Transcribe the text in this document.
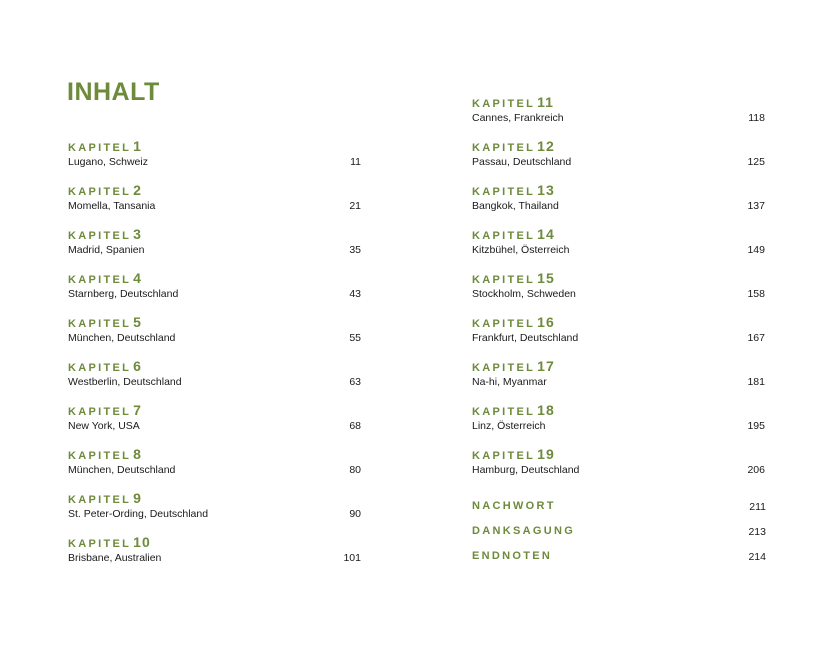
INHALT
KAPITEL 1
Lugano, Schweiz	11
KAPITEL 2
Momella, Tansania	21
KAPITEL 3
Madrid, Spanien	35
KAPITEL 4
Starnberg, Deutschland	43
KAPITEL 5
München, Deutschland	55
KAPITEL 6
Westberlin, Deutschland	63
KAPITEL 7
New York, USA	68
KAPITEL 8
München, Deutschland	80
KAPITEL 9
St. Peter-Ording, Deutschland	90
KAPITEL 10
Brisbane, Australien	101
KAPITEL 11
Cannes, Frankreich	118
KAPITEL 12
Passau, Deutschland	125
KAPITEL 13
Bangkok, Thailand	137
KAPITEL 14
Kitzbühel, Österreich	149
KAPITEL 15
Stockholm, Schweden	158
KAPITEL 16
Frankfurt, Deutschland	167
KAPITEL 17
Na-hi, Myanmar	181
KAPITEL 18
Linz, Österreich	195
KAPITEL 19
Hamburg, Deutschland	206
NACHWORT	211
DANKSAGUNG	213
ENDNOTEN	214
